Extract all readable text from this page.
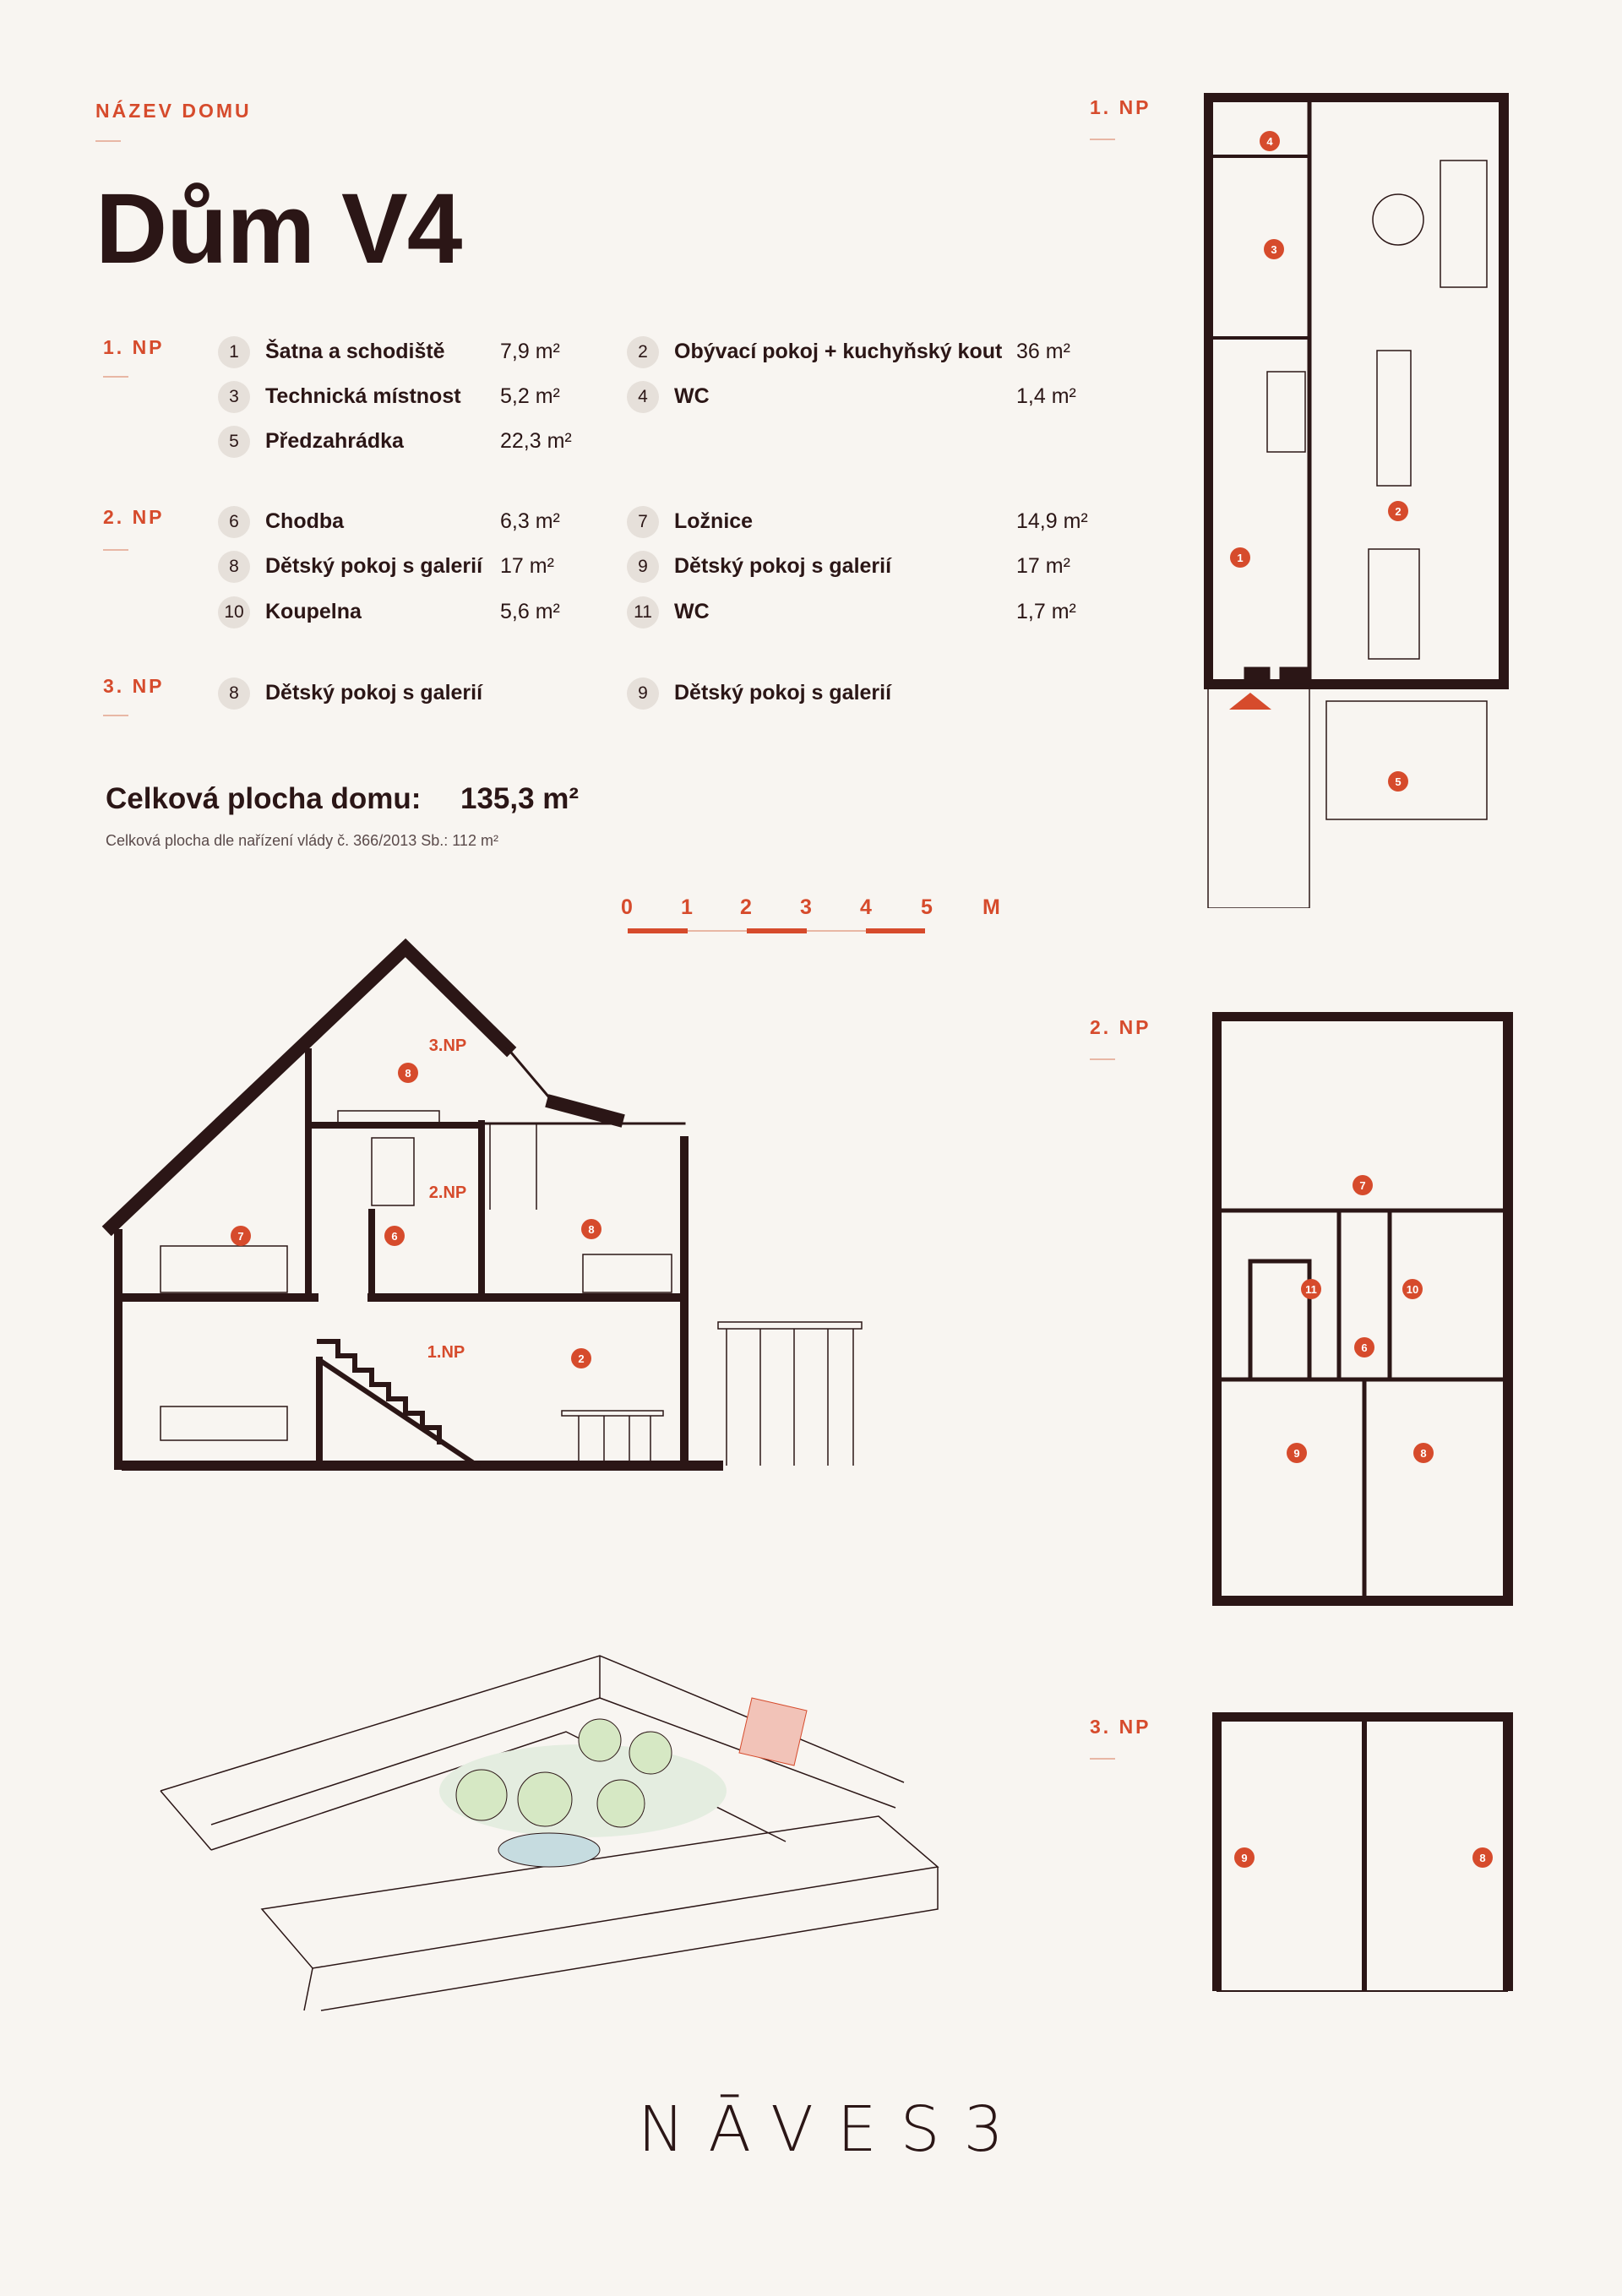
NÁZEV DOMU
Dům V4
1. NP	1	Šatna a schodiště	7,9 m²	2	Obývací pokoj + kuchyňský kout 36 m²
3	Technická místnost 5,2 m²	4	WC	1,4 m²
5	Předzahrádka	22,3 m²
2. NP	6	Chodba	6,3 m²	7	Ložnice	14,9 m²
8	Dětský pokoj s galerií 17 m²	9	Dětský pokoj s galerií	17 m²
10 Koupelna	5,6 m²	11	WC	1,7 m²
3. NP	8	Dětský pokoj s galerií	9	Dětský pokoj s galerií
Celková plocha domu: 135,3 m²
Celková plocha dle nařízení vlády č. 366/2013 Sb.: 112 m²
0 1 2 3 4 5 M
3.NP
2.NP
1.NP
8
7	6
8
2
1. NP
4
3
1
2
5
2. NP
7
11	10
6
9	8
3. NP
9	8
NĀVES3
